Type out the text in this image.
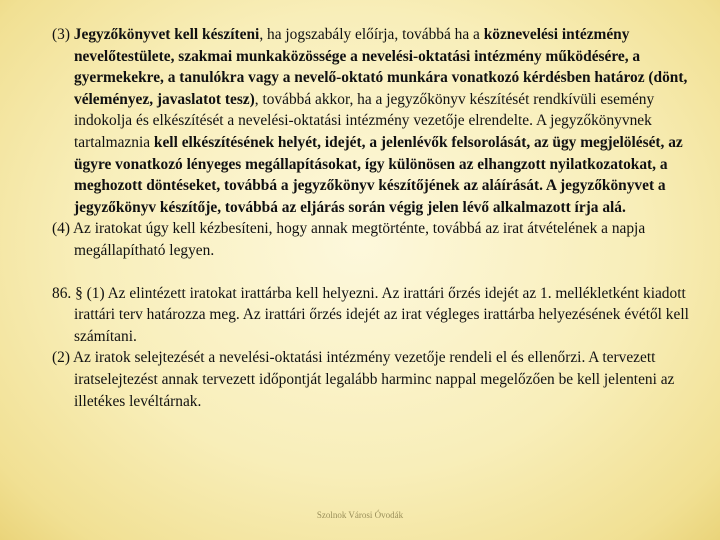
(3) Jegyzőkönyvet kell készíteni, ha jogszabály előírja, továbbá ha a köznevelési intézmény nevelőtestülete, szakmai munkaközössége a nevelési-oktatási intézmény működésére, a gyermekekre, a tanulókra vagy a nevelő-oktató munkára vonatkozó kérdésben határoz (dönt, véleményez, javaslatot tesz), továbbá akkor, ha a jegyzőkönyv készítését rendkívüli esemény indokolja és elkészítését a nevelési-oktatási intézmény vezetője elrendelte. A jegyzőkönyvnek tartalmaznia kell elkészítésének helyét, idejét, a jelenlévők felsorolását, az ügy megjelölését, az ügyre vonatkozó lényeges megállapításokat, így különösen az elhangzott nyilatkozatokat, a meghozott döntéseket, továbbá a jegyzőkönyv készítőjének az aláírását. A jegyzőkönyvet a jegyzőkönyv készítője, továbbá az eljárás során végig jelen lévő alkalmazott írja alá.

(4) Az iratokat úgy kell kézbesíteni, hogy annak megtörténte, továbbá az irat átvételének a napja megállapítható legyen.

86. § (1) Az elintézett iratokat irattárba kell helyezni. Az irattári őrzés idejét az 1. mellékletként kiadott irattári terv határozza meg. Az irattári őrzés idejét az irat végleges irattárba helyezésének évétől kell számítani.

(2) Az iratok selejtezését a nevelési-oktatási intézmény vezetője rendeli el és ellenőrzi. A tervezett iratselejtezést annak tervezett időpontját legalább harminc nappal megelőzően be kell jelenteni az illetékes levéltárnak.

Szolnok Városi Óvodák
